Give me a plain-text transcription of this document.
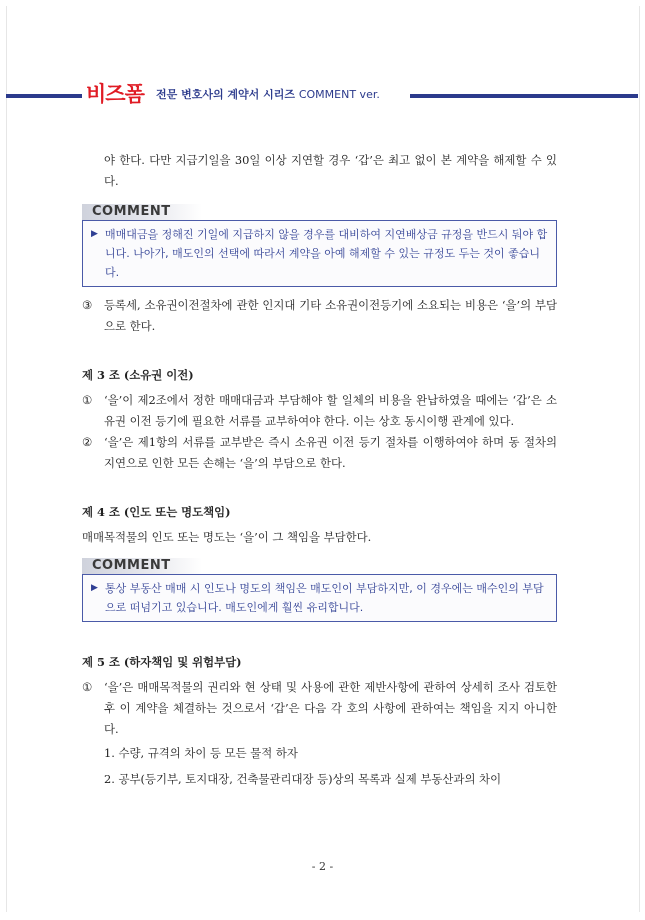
비즈폼 전문 변호사의 계약서 시리즈 COMMENT ver.

야 한다. 다만 지급기일을 30일 이상 지연할 경우 ‘갑’은 최고 없이 본 계약을 해제할 수 있다.

COMMENT
▶ 매매대금을 정해진 기일에 지급하지 않을 경우를 대비하여 지연배상금 규정을 반드시 둬야 합니다. 나아가, 매도인의 선택에 따라서 계약을 아예 해제할 수 있는 규정도 두는 것이 좋습니다.
③ 등록세, 소유권이전절차에 관한 인지대 기타 소유권이전등기에 소요되는 비용은 ‘을’의 부담으로 한다.
제 3 조 (소유권 이전)
① ‘을’이 제2조에서 정한 매매대금과 부담해야 할 일체의 비용을 완납하였을 때에는 ‘갑’은 소유권 이전 등기에 필요한 서류를 교부하여야 한다. 이는 상호 동시이행 관계에 있다.
② ‘을’은 제1항의 서류를 교부받은 즉시 소유권 이전 등기 절차를 이행하여야 하며 동 절차의 지연으로 인한 모든 손해는 ‘을’의 부담으로 한다.
제 4 조 (인도 또는 명도책임)

매매목적물의 인도 또는 명도는 ‘을’이 그 책임을 부담한다.

COMMENT
▶ 통상 부동산 매매 시 인도나 명도의 책임은 매도인이 부담하지만, 이 경우에는 매수인의 부담으로 떠넘기고 있습니다. 매도인에게 훨씬 유리합니다.
제 5 조 (하자책임 및 위험부담)
① ‘을’은 매매목적물의 권리와 현 상태 및 사용에 관한 제반사항에 관하여 상세히 조사 검토한 후 이 계약을 체결하는 것으로서 ‘갑’은 다음 각 호의 사항에 관하여는 책임을 지지 아니한다.
1. 수량, 규격의 차이 등 모든 물적 하자
2. 공부(등기부, 토지대장, 건축물관리대장 등)상의 목록과 실제 부동산과의 차이
- 2 -
